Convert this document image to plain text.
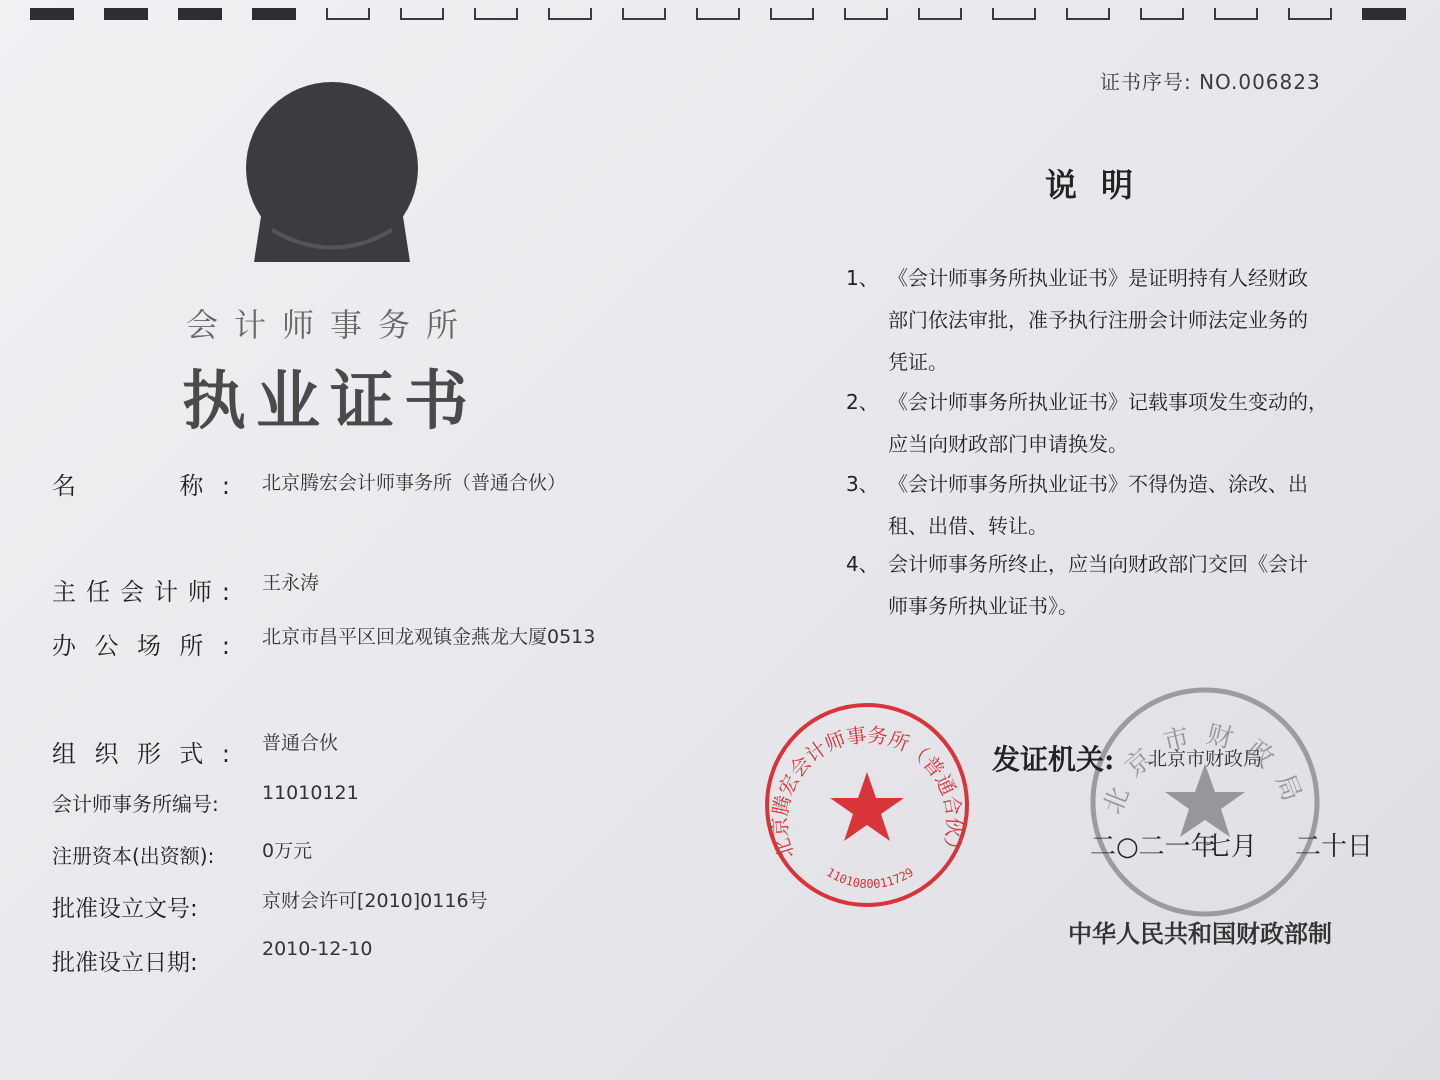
证书序号: NO.006823
会计师事务所
执业证书
名　　称: 北京腾宏会计师事务所（普通合伙）
主任会计师: 王永涛
办公场所: 北京市昌平区回龙观镇金燕龙大厦0513
组织形式: 普通合伙
会计师事务所编号:	11010121
注册资本(出资额):	0万元
批准设立文号:	京财会许可[2010]0116号
批准设立日期:
2010-12-10
说明
1、 《会计师事务所执业证书》是证明持有人经财政
部门依法审批，准予执行注册会计师法定业务的
凭证。
2、 《会计师事务所执业证书》记载事项发生变动的，
应当向财政部门申请换发。
3、 《会计师事务所执业证书》不得伪造、涂改、出
租、出借、转让。
4、 会计师事务所终止，应当向财政部门交回《会计
师事务所执业证书》。
北京市财政局
北京腾宏会计师事务所（普通合伙）
1101080011729
发证机关: 北京市财政局
二○二一年
七月 二十日
中华人民共和国财政部制
